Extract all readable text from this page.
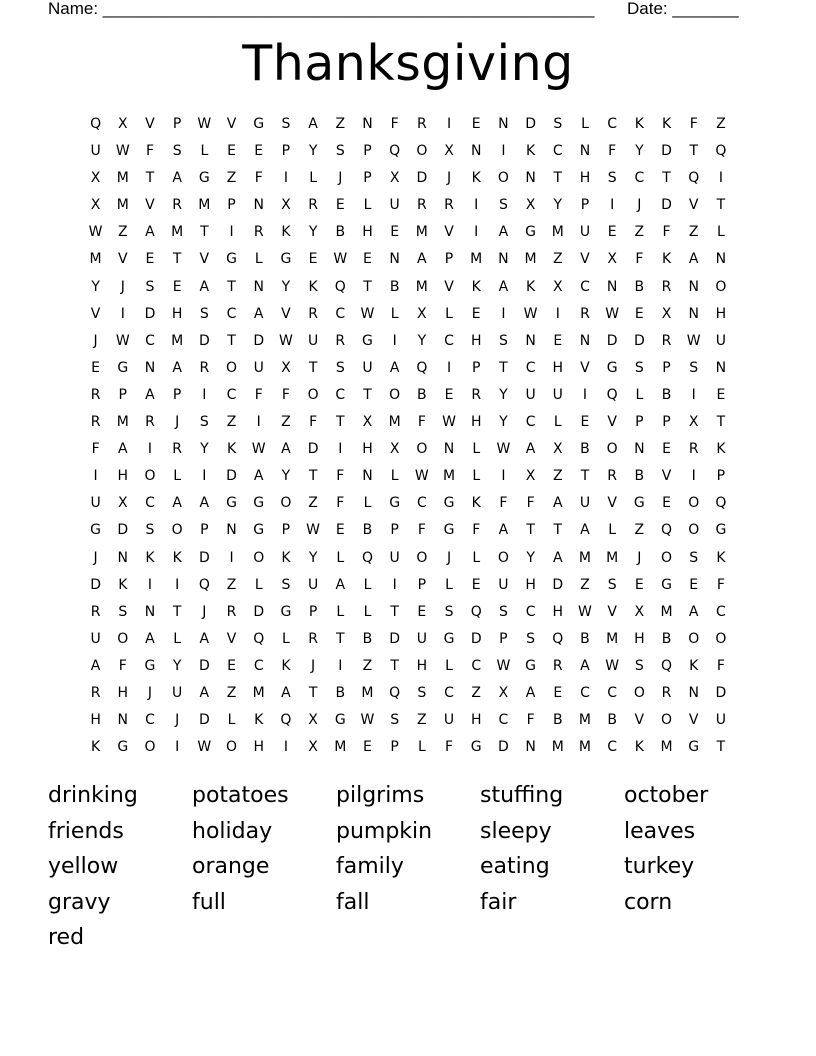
Name: ____________________________________________________ Date: _______
Thanksgiving
Q	X	V	P	W	V	G	S	A	Z	N	F	R	I	E	N	D	S	L	C	K	K	F	Z
U	W	F	S	L	E	E	P	Y	S	P	Q	O	X	N	I	K	C	N	F	Y	D	T	Q
X	M	T	A	G	Z	F	I	L	J	P	X	D	J	K	O	N	T	H	S	C	T	Q	I
X	M	V	R	M	P	N	X	R	E	L	U	R	R	I	S	X	Y	P	I	J	D	V	T
W	Z	A	M	T	I	R	K	Y	B	H	E	M	V	I	A	G	M	U	E	Z	F	Z	L
M	V	E	T	V	G	L	G	E	W	E	N	A	P	M	N	M	Z	V	X	F	K	A	N
Y	J	S	E	A	T	N	Y	K	Q	T	B	M	V	K	A	K	X	C	N	B	R	N	O
V	I	D	H	S	C	A	V	R	C	W	L	X	L	E	I	W	I	R	W	E	X	N	H
J	W	C	M	D	T	D	W	U	R	G	I	Y	C	H	S	N	E	N	D	D	R	W	U
E	G	N	A	R	O	U	X	T	S	U	A	Q	I	P	T	C	H	V	G	S	P	S	N
R	P	A	P	I	C	F	F	O	C	T	O	B	E	R	Y	U	U	I	Q	L	B	I	E
R	M	R	J	S	Z	I	Z	F	T	X	M	F	W	H	Y	C	L	E	V	P	P	X	T
F	A	I	R	Y	K	W	A	D	I	H	X	O	N	L	W	A	X	B	O	N	E	R	K
I	H	O	L	I	D	A	Y	T	F	N	L	W	M	L	I	X	Z	T	R	B	V	I	P
U	X	C	A	A	G	G	O	Z	F	L	G	C	G	K	F	F	A	U	V	G	E	O	Q
G	D	S	O	P	N	G	P	W	E	B	P	F	G	F	A	T	T	A	L	Z	Q	O	G
J	N	K	K	D	I	O	K	Y	L	Q	U	O	J	L	O	Y	A	M	M	J	O	S	K
D	K	I	I	Q	Z	L	S	U	A	L	I	P	L	E	U	H	D	Z	S	E	G	E	F
R	S	N	T	J	R	D	G	P	L	L	T	E	S	Q	S	C	H	W	V	X	M	A	C
U	O	A	L	A	V	Q	L	R	T	B	D	U	G	D	P	S	Q	B	M	H	B	O	O
A	F	G	Y	D	E	C	K	J	I	Z	T	H	L	C	W	G	R	A	W	S	Q	K	F
R	H	J	U	A	Z	M	A	T	B	M	Q	S	C	Z	X	A	E	C	C	O	R	N	D
H	N	C	J	D	L	K	Q	X	G	W	S	Z	U	H	C	F	B	M	B	V	O	V	U
K	G	O	I	W	O	H	I	X	M	E	P	L	F	G	D	N	M	M	C	K	M	G	T
drinking	potatoes	pilgrims	stuffing	october
friends	holiday	pumpkin	sleepy	leaves
yellow	orange	family	eating	turkey
gravy	full	fall	fair	corn
red
